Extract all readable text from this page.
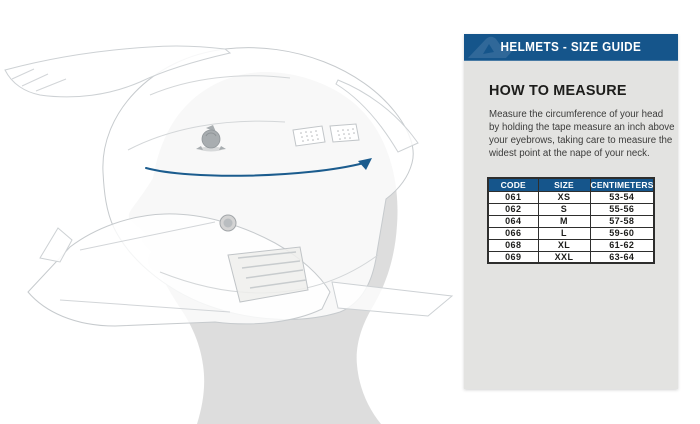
HELMETS - SIZE GUIDE
HOW TO MEASURE
Measure the circumference of your head
by holding the tape measure an inch above
your eyebrows, taking care to measure the
widest point at the nape of your neck.
CODE	SIZE	CENTIMETERS
061	XS	53-54
062	S	55-56
064	M	57-58
066	L	59-60
068	XL	61-62
069	XXL	63-64
